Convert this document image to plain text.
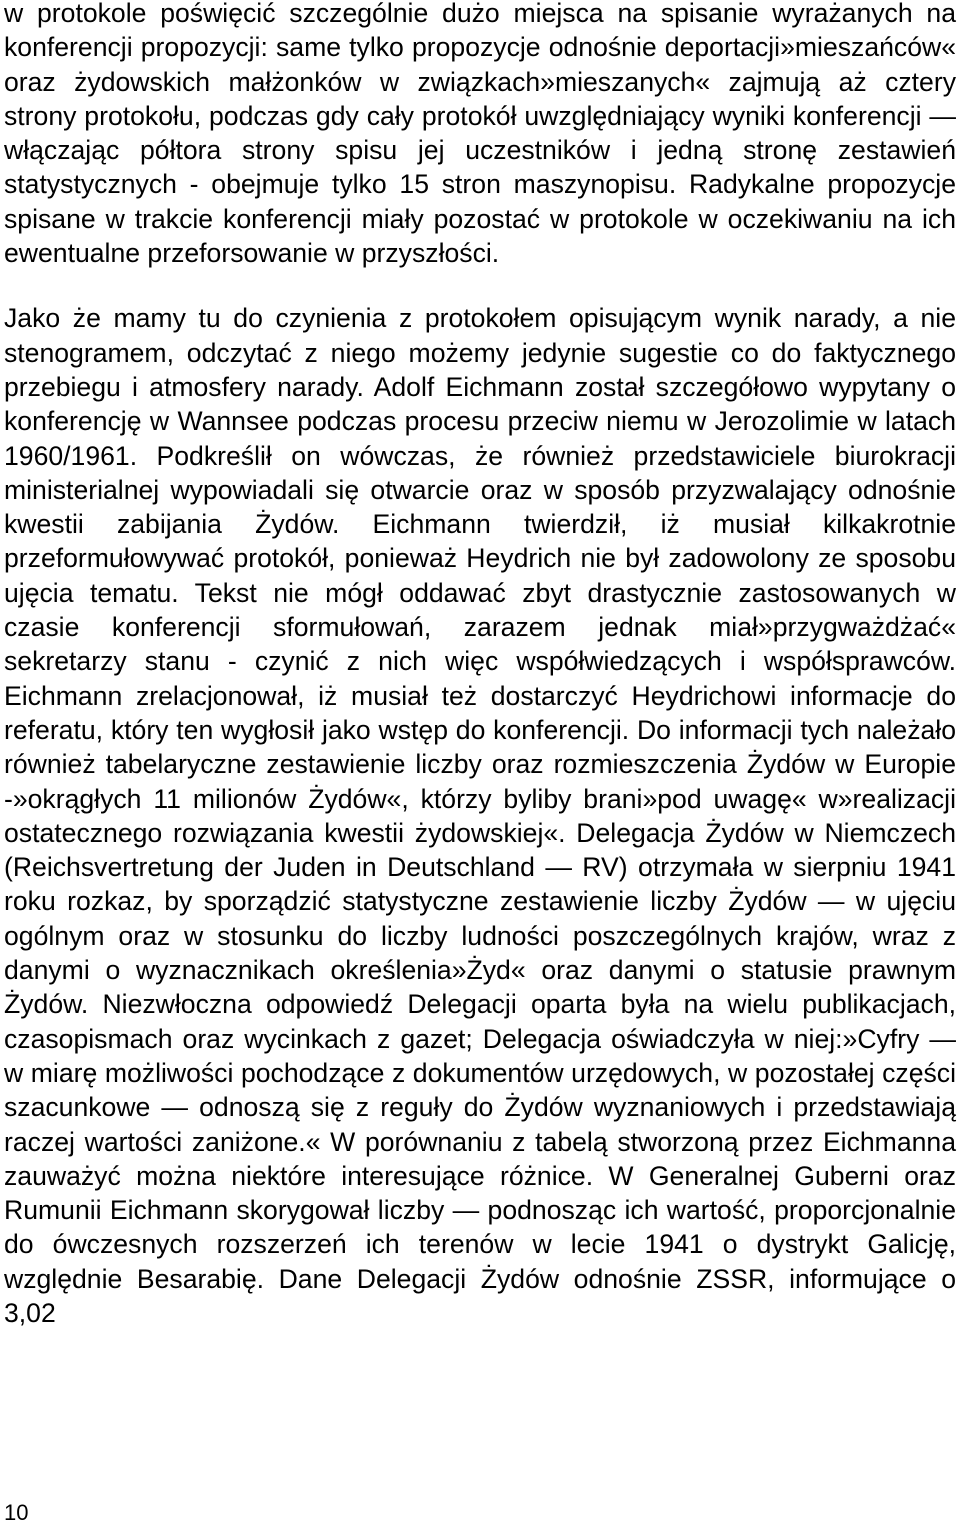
w protokole poświęcić szczególnie dużo miejsca na spisanie wyrażanych na konferencji propozycji: same tylko propozycje odnośnie deportacji»mieszańców« oraz żydowskich małżonków w związkach»mieszanych« zajmują aż cztery strony protokołu, podczas gdy cały protokół uwzględniający wyniki konferencji — włączając półtora strony spisu jej uczestników i jedną stronę zestawień statystycznych - obejmuje tylko 15 stron maszynopisu. Radykalne propozycje spisane w trakcie konferencji miały pozostać w protokole w oczekiwaniu na ich ewentualne przeforsowanie w przyszłości.

Jako że mamy tu do czynienia z protokołem opisującym wynik narady, a nie stenogramem, odczytać z niego możemy jedynie sugestie co do faktycznego przebiegu i atmosfery narady. Adolf Eichmann został szczegółowo wypytany o konferencję w Wannsee podczas procesu przeciw niemu w Jerozolimie w latach 1960/1961. Podkreślił on wówczas, że również przedstawiciele biurokracji ministerialnej wypowiadali się otwarcie oraz w sposób przyzwalający odnośnie kwestii zabijania Żydów. Eichmann twierdził, iż musiał kilkakrotnie przeformułowywać protokół, ponieważ Heydrich nie był zadowolony ze sposobu ujęcia tematu. Tekst nie mógł oddawać zbyt drastycznie zastosowanych w czasie konferencji sformułowań, zarazem jednak miał»przygważdżać« sekretarzy stanu - czynić z nich więc współwiedzących i współsprawców. Eichmann zrelacjonował, iż musiał też dostarczyć Heydrichowi informacje do referatu, który ten wygłosił jako wstęp do konferencji. Do informacji tych należało również tabelaryczne zestawienie liczby oraz rozmieszczenia Żydów w Europie -»okrągłych 11 milionów Żydów«, którzy byliby brani»pod uwagę« w»realizacji ostatecznego rozwiązania kwestii żydowskiej«. Delegacja Żydów w Niemczech (Reichsvertretung der Juden in Deutschland — RV) otrzymała w sierpniu 1941 roku rozkaz, by sporządzić statystyczne zestawienie liczby Żydów — w ujęciu ogólnym oraz w stosunku do liczby ludności poszczególnych krajów, wraz z danymi o wyznacznikach określenia»Żyd« oraz danymi o statusie prawnym Żydów. Niezwłoczna odpowiedź Delegacji oparta była na wielu publikacjach, czasopismach oraz wycinkach z gazet; Delegacja oświadczyła w niej:»Cyfry — w miarę możliwości pochodzące z dokumentów urzędowych, w pozostałej części szacunkowe — odnoszą się z reguły do Żydów wyznaniowych i przedstawiają raczej wartości zaniżone.« W porównaniu z tabelą stworzoną przez Eichmanna zauważyć można niektóre interesujące różnice. W Generalnej Guberni oraz Rumunii Eichmann skorygował liczby — podnosząc ich wartość, proporcjonalnie do ówczesnych rozszerzeń ich terenów w lecie 1941 o dystrykt Galicję, względnie Besarabię. Dane Delegacji Żydów odnośnie ZSSR, informujące o 3,02

10
